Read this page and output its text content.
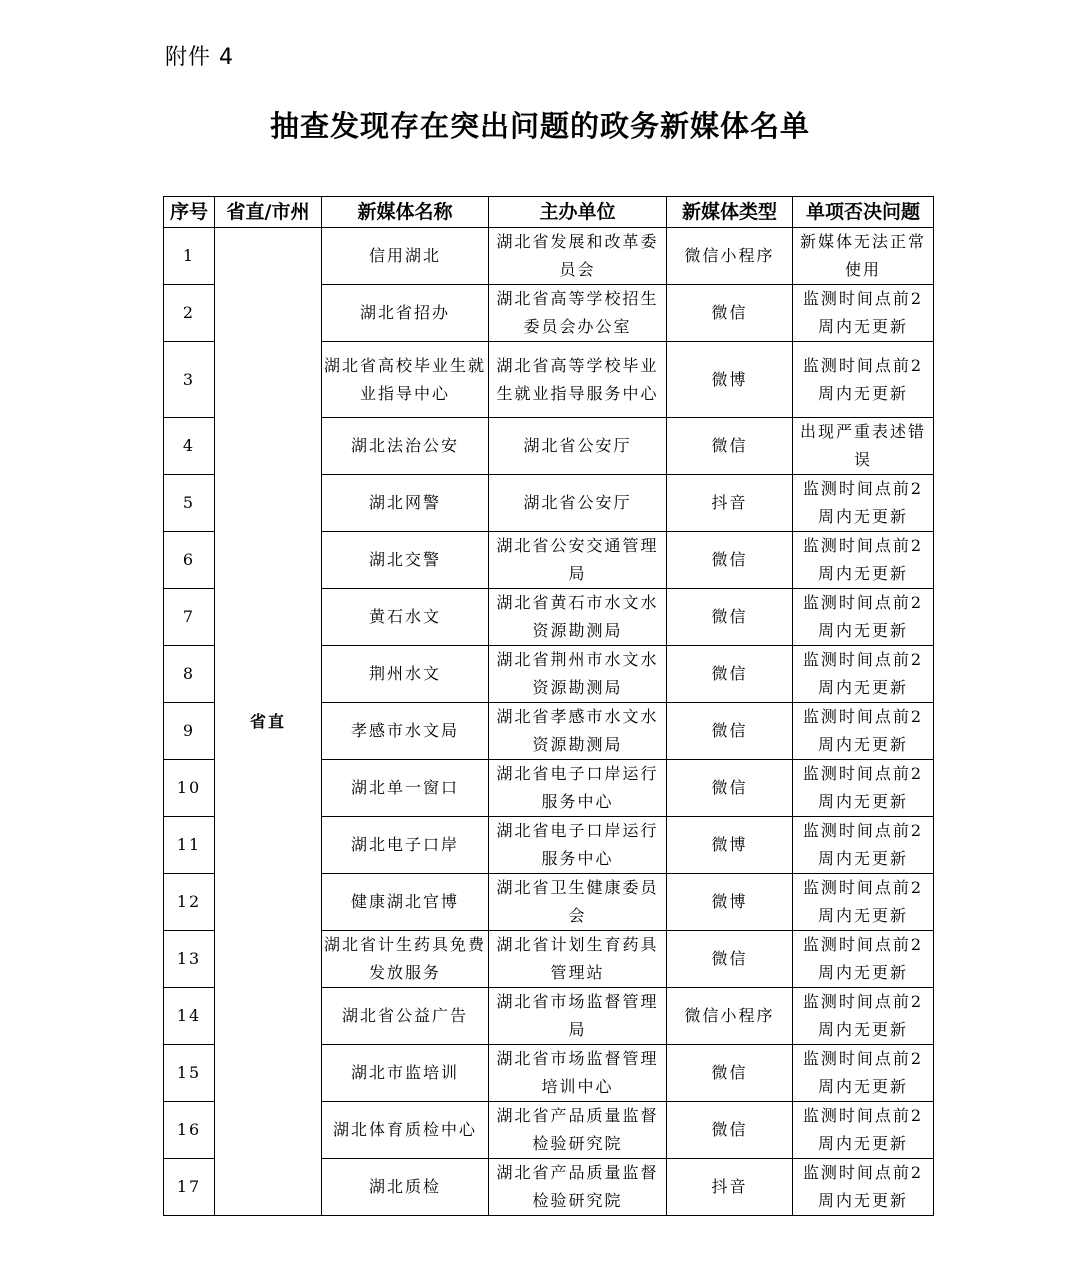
附件 4
抽查发现存在突出问题的政务新媒体名单
序号	省直/市州	新媒体名称	主办单位	新媒体类型	单项否决问题
1	省直	信用湖北	湖北省发展和改革委员会	微信小程序	新媒体无法正常使用
2		湖北省招办	湖北省高等学校招生委员会办公室	微信	监测时间点前2周内无更新
3		湖北省高校毕业生就业指导中心	湖北省高等学校毕业生就业指导服务中心	微博	监测时间点前2周内无更新
4		湖北法治公安	湖北省公安厅	微信	出现严重表述错误
5		湖北网警	湖北省公安厅	抖音	监测时间点前2周内无更新
6		湖北交警	湖北省公安交通管理局	微信	监测时间点前2周内无更新
7		黄石水文	湖北省黄石市水文水资源勘测局	微信	监测时间点前2周内无更新
8		荆州水文	湖北省荆州市水文水资源勘测局	微信	监测时间点前2周内无更新
9		孝感市水文局	湖北省孝感市水文水资源勘测局	微信	监测时间点前2周内无更新
10		湖北单一窗口	湖北省电子口岸运行服务中心	微信	监测时间点前2周内无更新
11		湖北电子口岸	湖北省电子口岸运行服务中心	微博	监测时间点前2周内无更新
12		健康湖北官博	湖北省卫生健康委员会	微博	监测时间点前2周内无更新
13		湖北省计生药具免费发放服务	湖北省计划生育药具管理站	微信	监测时间点前2周内无更新
14		湖北省公益广告	湖北省市场监督管理局	微信小程序	监测时间点前2周内无更新
15		湖北市监培训	湖北省市场监督管理培训中心	微信	监测时间点前2周内无更新
16		湖北体育质检中心	湖北省产品质量监督检验研究院	微信	监测时间点前2周内无更新
17		湖北质检	湖北省产品质量监督检验研究院	抖音	监测时间点前2周内无更新
